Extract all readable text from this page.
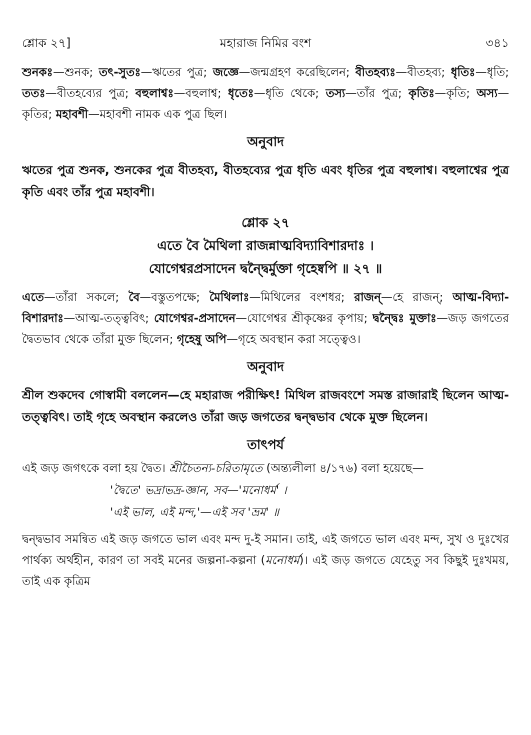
শ্লোক ২৭]	মহারাজ নিমির বংশ	৩৪১

শুনকঃ—শুনক; তৎ-সুতঃ—ঋতের পুত্র; জজ্ঞে—জন্মগ্রহণ করেছিলেন; বীতহব্যঃ—বীতহব্য; ধৃতিঃ—ধৃতি; ততঃ—বীতহব্যের পুত্র; বহুলাশ্বঃ—বহুলাশ্ব; ধৃতেঃ—ধৃতি থেকে; তস্য—তাঁর পুত্র; কৃতিঃ—কৃতি; অস্য—কৃতির; মহাবশী—মহাবশী নামক এক পুত্র ছিল।

অনুবাদ

ঋতের পুত্র শুনক, শুনকের পুত্র বীতহব্য, বীতহব্যের পুত্র ধৃতি এবং ধৃতির পুত্র বহুলাশ্ব। বহুলাশ্বের পুত্র কৃতি এবং তাঁর পুত্র মহাবশী।

শ্লোক ২৭

এতে বৈ মৈথিলা রাজন্নাত্মবিদ্যাবিশারদাঃ ।

যোগেশ্বরপ্রসাদেন দ্বন্দ্বৈর্মুক্তা গৃহেষ্বপি ॥ ২৭ ॥

এতে—তাঁরা সকলে; বৈ—বস্তুতপক্ষে; মৈথিলাঃ—মিথিলের বংশধর; রাজন্—হে রাজন্; আত্ম-বিদ্যা-বিশারদাঃ—আত্ম-তত্ত্ববিৎ; যোগেশ্বর-প্রসাদেন—যোগেশ্বর শ্রীকৃষ্ণের কৃপায়; দ্বন্দ্বৈঃ মুক্তাঃ—জড় জগতের দ্বৈতভাব থেকে তাঁরা মুক্ত ছিলেন; গৃহেষু অপি—গৃহে অবস্থান করা সত্ত্বেও।

অনুবাদ

শ্রীল শুকদেব গোস্বামী বললেন—হে মহারাজ পরীক্ষিৎ! মিথিল রাজবংশে সমস্ত রাজারাই ছিলেন আত্ম-তত্ত্ববিৎ। তাই গৃহে অবস্থান করলেও তাঁরা জড় জগতের দ্বন্দ্বভাব থেকে মুক্ত ছিলেন।

তাৎপর্য

এই জড় জগৎকে বলা হয় দ্বৈত। শ্রীচৈতন্য-চরিতামৃতে (অন্ত্যলীলা ৪/১৭৬) বলা হয়েছে—

'দ্বৈতে' ভদ্রাভদ্র-জ্ঞান, সব—'মনোধর্ম' ।

'এই ভাল, এই মন্দ,'—এই সব 'ভ্রম' ॥

দ্বন্দ্বভাব সমন্বিত এই জড় জগতে ভাল এবং মন্দ দু-ই সমান। তাই, এই জগতে ভাল এবং মন্দ, সুখ ও দুঃখের পার্থক্য অর্থহীন, কারণ তা সবই মনের জল্পনা-কল্পনা (মনোধর্ম)। এই জড় জগতে যেহেতু সব কিছুই দুঃখময়, তাই এক কৃত্রিম
